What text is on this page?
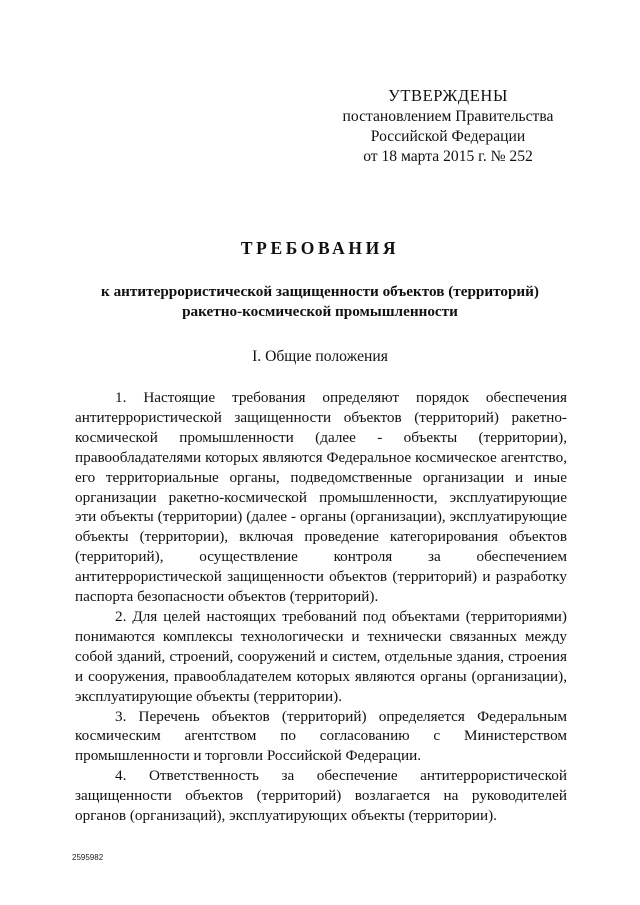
УТВЕРЖДЕНЫ
постановлением Правительства
Российской Федерации
от 18 марта 2015 г. № 252
ТРЕБОВАНИЯ
к антитеррористической защищенности объектов (территорий)
ракетно-космической промышленности
I. Общие положения

1. Настоящие требования определяют порядок обеспечения антитеррористической защищенности объектов (территорий) ракетно-космической промышленности (далее - объекты (территории), правообладателями которых являются Федеральное космическое агентство, его территориальные органы, подведомственные организации и иные организации ракетно-космической промышленности, эксплуатирующие эти объекты (территории) (далее - органы (организации), эксплуатирующие объекты (территории), включая проведение категорирования объектов (территорий), осуществление контроля за обеспечением антитеррористической защищенности объектов (территорий) и разработку паспорта безопасности объектов (территорий).

2. Для целей настоящих требований под объектами (территориями) понимаются комплексы технологически и технически связанных между собой зданий, строений, сооружений и систем, отдельные здания, строения и сооружения, правообладателем которых являются органы (организации), эксплуатирующие объекты (территории).

3. Перечень объектов (территорий) определяется Федеральным космическим агентством по согласованию с Министерством промышленности и торговли Российской Федерации.

4. Ответственность за обеспечение антитеррористической защищенности объектов (территорий) возлагается на руководителей органов (организаций), эксплуатирующих объекты (территории).

2595982
